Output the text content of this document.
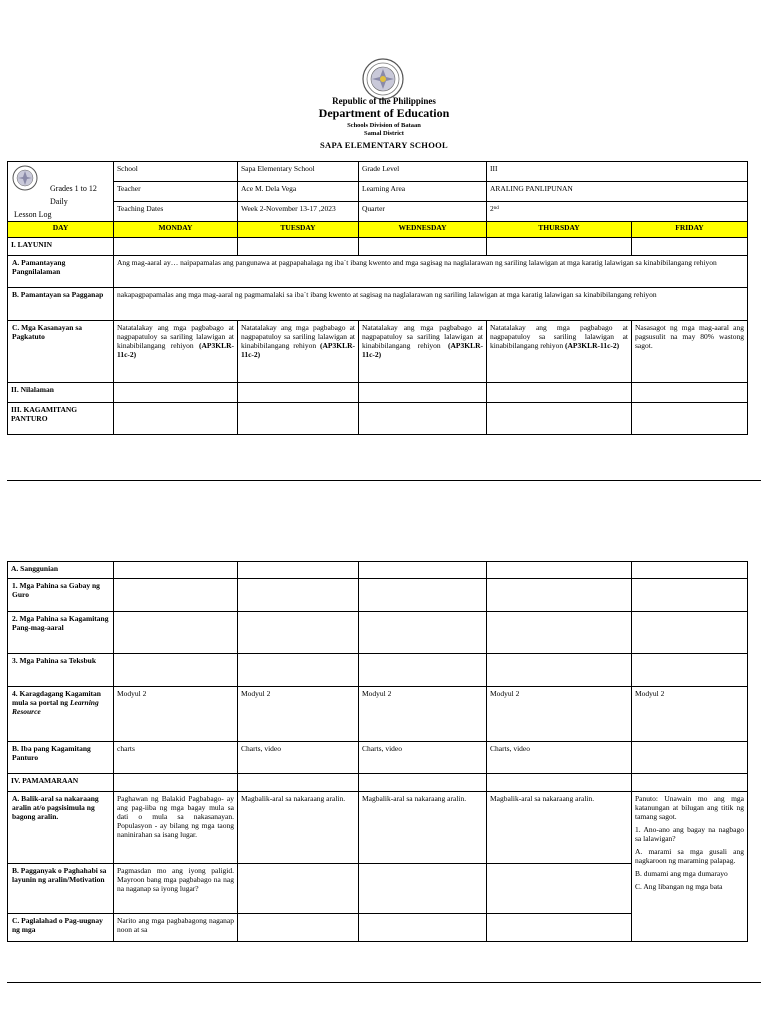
Republic of the Philippines
Department of Education
Schools Division of Bataan
Samal District
SAPA ELEMENTARY SCHOOL
Grades 1 to 12 Daily
Lesson Log	School	Sapa Elementary School	Grade Level	III	
	Teacher	Ace M. Dela Vega	Learning Area	ARALING PANLIPUNAN	
	Teaching Dates	Week 2-November 13-17 ,2023	Quarter	2nd
DAY	MONDAY	TUESDAY	WEDNESDAY	THURSDAY	FRIDAY
I. LAYUNIN					
A. Pamantayang Pangnilalaman	Ang mag-aaral ay… naipapamalas ang pangunawa at pagpapahalaga ng iba`t ibang kwento and mga sagisag na naglalarawan ng sariling lalawigan at mga karatig lalawigan sa kinabibilangang rehiyon				
B. Pamantayan sa Pagganap	nakapagpapamalas ang mga mag-aaral ng pagmamalaki sa iba`t ibang kwento at sagisag na naglalarawan ng sariling lalawigan at mga karatig lalawigan sa kinabibilangang rehiyon				
C. Mga Kasanayan sa Pagkatuto	Natatalakay ang mga pagbabago at nagpapatuloy sa sariling lalawigan at kinabibilangang rehiyon (AP3KLR-11c-2)	Natatalakay ang mga pagbabago at nagpapatuloy sa sariling lalawigan at kinabibilangang rehiyon (AP3KLR-11c-2)	Natatalakay ang mga pagbabago at nagpapatuloy sa sariling lalawigan at kinabibilangang rehiyon (AP3KLR-11c-2)	Natatalakay ang mga pagbabago at nagpapatuloy sa sariling lalawigan at kinabibilangang rehiyon (AP3KLR-11c-2)	Nasasagot ng mga mag-aaral ang pagsusulit na may 80% wastong sagot.
II. Nilalaman					
III. KAGAMITANG PANTURO					
A. Sanggunian					
1. Mga Pahina sa Gabay ng Guro					
2. Mga Pahina sa Kagamitang Pang-mag-aaral					
3. Mga Pahina sa Teksbuk					
4. Karagdagang Kagamitan mula sa portal ng Learning Resource	Modyul 2	Modyul 2	Modyul 2	Modyul 2	Modyul 2
B. Iba pang Kagamitang Panturo	charts	Charts, video	Charts, video	Charts, video	
IV. PAMAMARAAN					
A. Balik-aral sa nakaraang aralin at/o pagsisimula ng bagong aralin.	Paghawan ng Balakid Pagbabago- ay ang pag-iiba ng mga bagay mula sa dati o mula sa nakasanayan. Populasyon - ay bilang ng mga taong naninirahan sa isang lugar.	Magbalik-aral sa nakaraang aralin.	Magbalik-aral sa nakaraang aralin.	Magbalik-aral sa nakaraang aralin.	Panuto: Unawain mo ang mga katanungan at bilugan ang titik ng tamang sagot.

1. Ano-ano ang bagay na nagbago sa lalawigan?

A. marami sa mga gusali ang nagkaroon ng maraming palapag.

B. dumami ang mga dumarayo

C. Ang libangan ng mga bata

B. Pagganyak o Paghahabi sa layunin ng aralin/Motivation	Pagmasdan mo ang iyong paligid. Mayroon bang mga pagbabago na nag na naganap sa iyong lugar?				
C. Paglalahad o Pag-uugnay ng mga	Narito ang mga pagbabagong naganap noon at sa				
